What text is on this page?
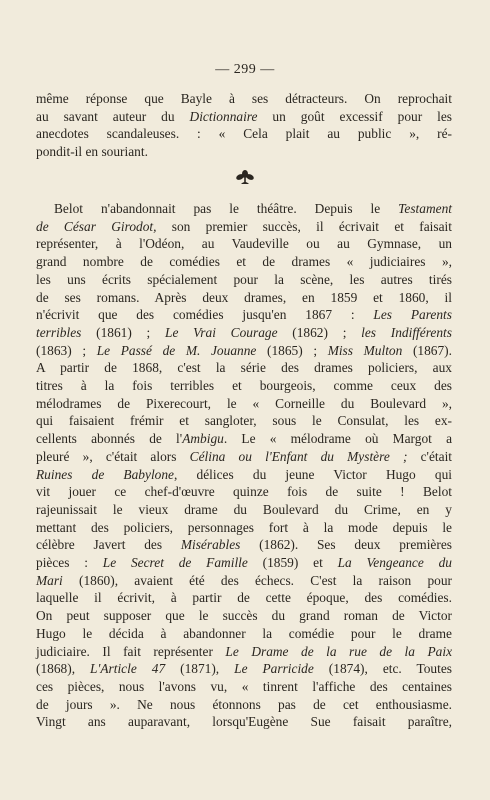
— 299 —
même réponse que Bayle à ses détracteurs. On reprochait
au savant auteur du Dictionnaire un goût excessif pour les
anecdotes scandaleuses. : « Cela plait au public », ré-
pondit-il en souriant.
Belot n'abandonnait pas le théâtre. Depuis le Testament
de César Girodot, son premier succès, il écrivait et faisait
représenter, à l'Odéon, au Vaudeville ou au Gymnase, un
grand nombre de comédies et de drames « judiciaires »,
les uns écrits spécialement pour la scène, les autres tirés
de ses romans. Après deux drames, en 1859 et 1860, il
n'écrivit que des comédies jusqu'en 1867 : Les Parents
terribles (1861) ; Le Vrai Courage (1862) ; les Indifférents
(1863) ; Le Passé de M. Jouanne (1865) ; Miss Multon (1867).
A partir de 1868, c'est la série des drames policiers, aux
titres à la fois terribles et bourgeois, comme ceux des
mélodrames de Pixerecourt, le « Corneille du Boulevard »,
qui faisaient frémir et sangloter, sous le Consulat, les ex-
cellents abonnés de l'Ambigu. Le « mélodrame où Margot a
pleuré », c'était alors Célina ou l'Enfant du Mystère ; c'était
Ruines de Babylone, délices du jeune Victor Hugo qui
vit jouer ce chef-d'œuvre quinze fois de suite ! Belot
rajeunissait le vieux drame du Boulevard du Crime, en y
mettant des policiers, personnages fort à la mode depuis le
célèbre Javert des Misérables (1862). Ses deux premières
pièces : Le Secret de Famille (1859) et La Vengeance du
Mari (1860), avaient été des échecs. C'est la raison pour
laquelle il écrivit, à partir de cette époque, des comédies.
On peut supposer que le succès du grand roman de Victor
Hugo le décida à abandonner la comédie pour le drame
judiciaire. Il fait représenter Le Drame de la rue de la Paix
(1868), L'Article 47 (1871), Le Parricide (1874), etc. Toutes
ces pièces, nous l'avons vu, « tinrent l'affiche des centaines
de jours ». Ne nous étonnons pas de cet enthousiasme.
Vingt ans auparavant, lorsqu'Eugène Sue faisait paraître,
